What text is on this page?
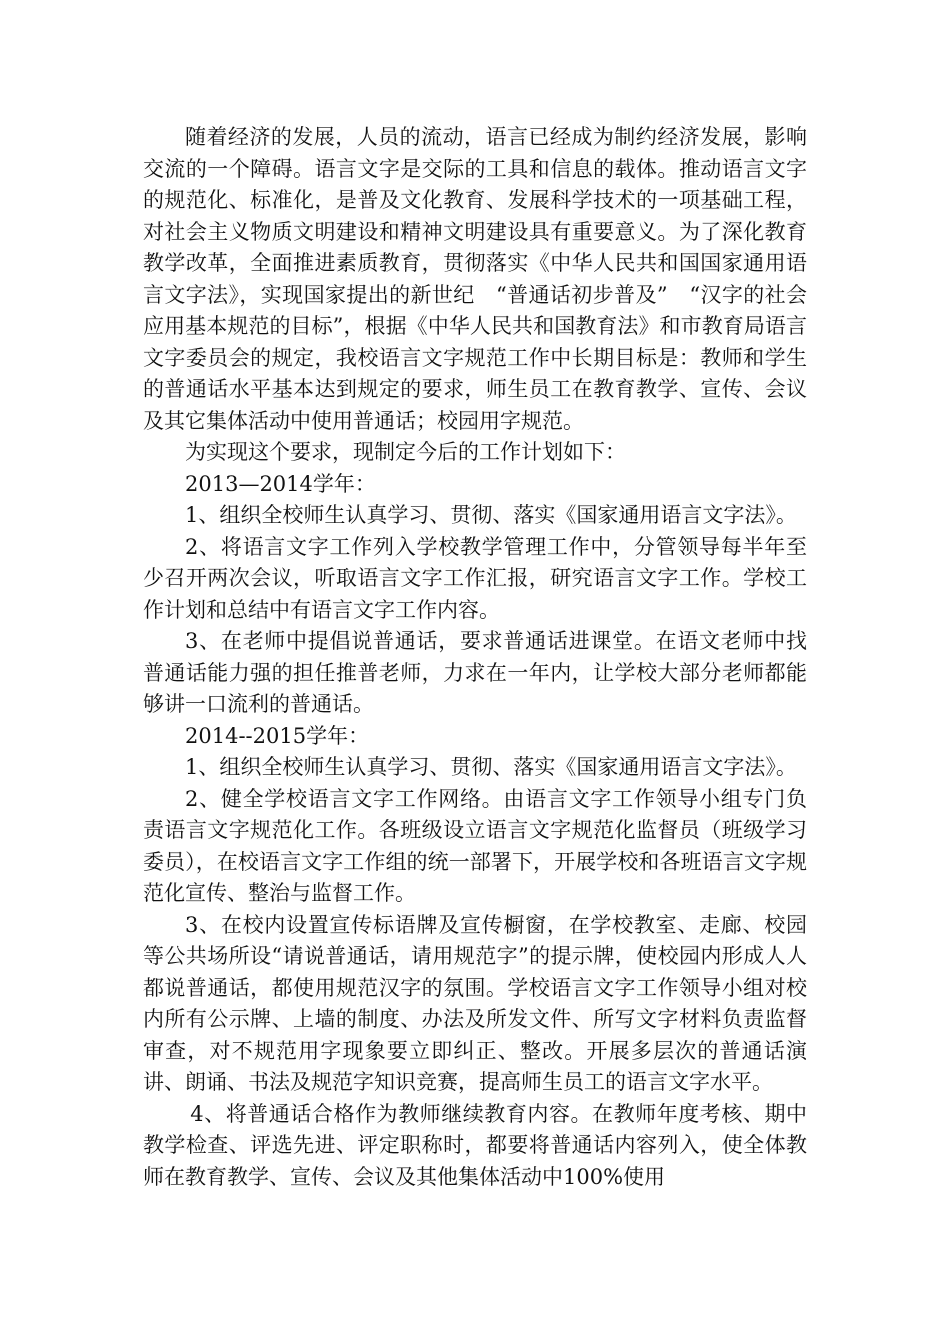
随着经济的发展，人员的流动，语言已经成为制约经济发展，影响交流的一个障碍。语言文字是交际的工具和信息的载体。推动语言文字的规范化、标准化，是普及文化教育、发展科学技术的一项基础工程，对社会主义物质文明建设和精神文明建设具有重要意义。为了深化教育教学改革，全面推进素质教育，贯彻落实《中华人民共和国国家通用语言文字法》，实现国家提出的新世纪　“普通话初步普及”　“汉字的社会应用基本规范的目标”，根据《中华人民共和国教育法》和市教育局语言文字委员会的规定，我校语言文字规范工作中长期目标是：教师和学生的普通话水平基本达到规定的要求，师生员工在教育教学、宣传、会议及其它集体活动中使用普通话；校园用字规范。

为实现这个要求，现制定今后的工作计划如下：

2013—2014学年：

1、组织全校师生认真学习、贯彻、落实《国家通用语言文字法》。

2、将语言文字工作列入学校教学管理工作中，分管领导每半年至少召开两次会议，听取语言文字工作汇报，研究语言文字工作。学校工作计划和总结中有语言文字工作内容。

3、在老师中提倡说普通话，要求普通话进课堂。在语文老师中找普通话能力强的担任推普老师，力求在一年内，让学校大部分老师都能够讲一口流利的普通话。

2014--2015学年：

1、组织全校师生认真学习、贯彻、落实《国家通用语言文字法》。

2、健全学校语言文字工作网络。由语言文字工作领导小组专门负责语言文字规范化工作。各班级设立语言文字规范化监督员（班级学习委员），在校语言文字工作组的统一部署下，开展学校和各班语言文字规范化宣传、整治与监督工作。

3、在校内设置宣传标语牌及宣传橱窗，在学校教室、走廊、校园等公共场所设“请说普通话，请用规范字”的提示牌，使校园内形成人人都说普通话，都使用规范汉字的氛围。学校语言文字工作领导小组对校内所有公示牌、上墙的制度、办法及所发文件、所写文字材料负责监督审查，对不规范用字现象要立即纠正、整改。开展多层次的普通话演讲、朗诵、书法及规范字知识竞赛，提高师生员工的语言文字水平。

4、将普通话合格作为教师继续教育内容。在教师年度考核、期中教学检查、评选先进、评定职称时，都要将普通话内容列入，使全体教师在教育教学、宣传、会议及其他集体活动中100%使用
